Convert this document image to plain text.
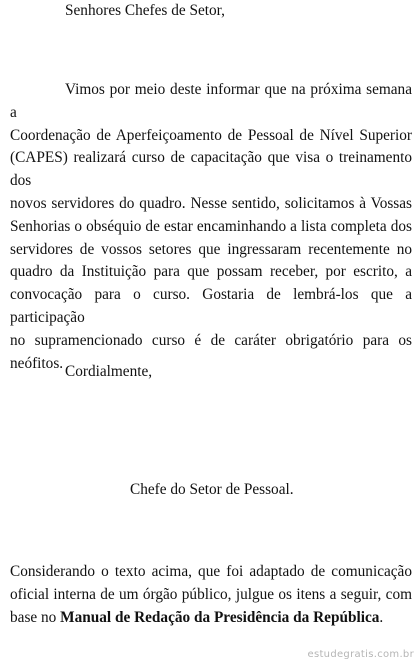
Senhores Chefes de Setor,
Vimos por meio deste informar que na próxima semana a
Coordenação de Aperfeiçoamento de Pessoal de Nível Superior
(CAPES) realizará curso de capacitação que visa o treinamento dos
novos servidores do quadro. Nesse sentido, solicitamos à Vossas
Senhorias o obséquio de estar encaminhando a lista completa dos
servidores de vossos setores que ingressaram recentemente no
quadro da Instituição para que possam receber, por escrito, a
convocação para o curso. Gostaria de lembrá-los que a participação
no supramencionado curso é de caráter obrigatório para os neófitos. Cordialmente,
Chefe do Setor de Pessoal.
Considerando o texto acima, que foi adaptado de comunicação
oficial interna de um órgão público, julgue os itens a seguir, com
base no Manual de Redação da Presidência da República.
estudegratis.com.br
